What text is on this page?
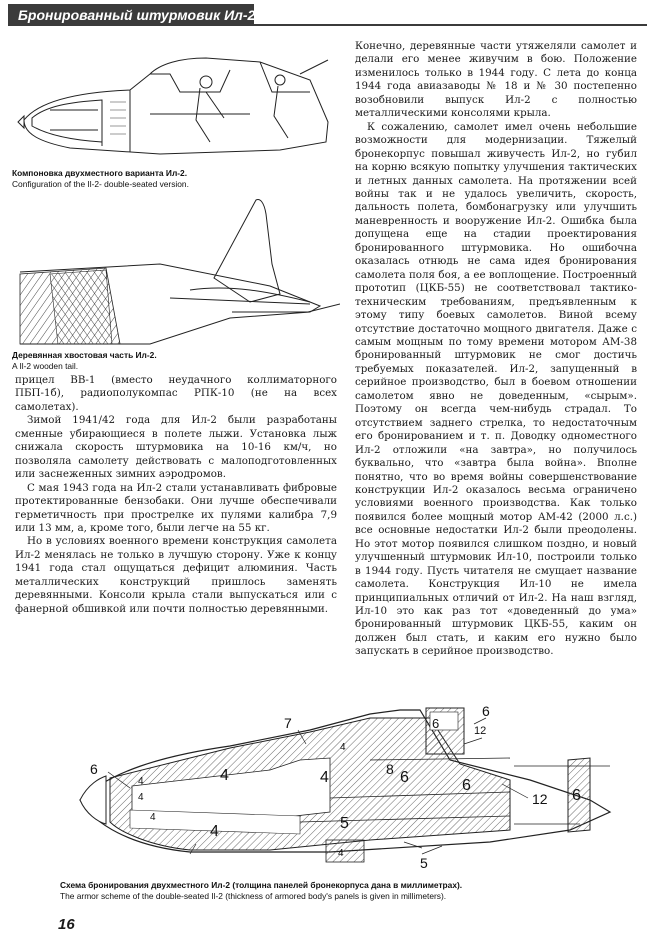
Бронированный штурмовик Ил-2
Компоновка двухместного варианта Ил-2.
Configuration of the Il-2- double-seated version.
Деревянная хвостовая часть Ил-2.
A Il-2 wooden tail.

прицел ВВ-1 (вместо неудачного коллиматорного ПБП-1б), радиополукомпас РПК-10 (не на всех самолетах).

Зимой 1941/42 года для Ил-2 были разработаны сменные убирающиеся в полете лыжи. Установка лыж снижала скорость штурмовика на 10-16 км/ч, но позволяла самолету действовать с малоподготовленных или заснеженных зимних аэродромов.

С мая 1943 года на Ил-2 стали устанавливать фибровые протектированные бензобаки. Они лучше обеспечивали герметичность при прострелке их пулями калибра 7,9 или 13 мм, а, кроме того, были легче на 55 кг.

Но в условиях военного времени конструкция самолета Ил-2 менялась не только в лучшую сторону. Уже к концу 1941 года стал ощущаться дефицит алюминия. Часть металлических конструкций пришлось заменять деревянными. Консоли крыла стали выпускаться или с фанерной обшивкой или почти полностью деревянными.

Конечно, деревянные части утяжеляли самолет и делали его менее живучим в бою. Положение изменилось только в 1944 году. С лета до конца 1944 года авиазаводы № 18 и № 30 постепенно возобновили выпуск Ил-2 с полностью металлическими консолями крыла.

К сожалению, самолет имел очень небольшие возможности для модернизации. Тяжелый бронекорпус повышал живучесть Ил-2, но губил на корню всякую попытку улучшения тактических и летных данных самолета. На протяжении всей войны так и не удалось увеличить, скорость, дальность полета, бомбонагрузку или улучшить маневренность и вооружение Ил-2. Ошибка была допущена еще на стадии проектирования бронированного штурмовика. Но ошибочна оказалась отнюдь не сама идея бронирования самолета поля боя, а ее воплощение. Построенный прототип (ЦКБ-55) не соответствовал тактико-техническим требованиям, предъявленным к этому типу боевых самолетов. Виной всему отсутствие достаточно мощного двигателя. Даже с самым мощным по тому времени мотором АМ-38 бронированный штурмовик не смог достичь требуемых показателей. Ил-2, запущенный в серийное производство, был в боевом отношении самолетом явно не доведенным, «сырым». Поэтому он всегда чем-нибудь страдал. То отсутствием заднего стрелка, то недостаточным его бронированием и т. п. Доводку одноместного Ил-2 отложили «на завтра», но получилось буквально, что «завтра была война». Вполне понятно, что во время войны совершенствование конструкции Ил-2 оказалось весьма ограничено условиями военного производства. Как только появился более мощный мотор АМ-42 (2000 л.с.) все основные недостатки Ил-2 были преодолены. Но этот мотор появился слишком поздно, и новый улучшенный штурмовик Ил-10, построили только в 1944 году. Пусть читателя не смущает название самолета. Конструкция Ил-10 не имела принципиальных отличий от Ил-2. На наш взгляд, Ил-10 это как раз тот «доведенный до ума» бронированный штурмовик ЦКБ-55, каким он должен был стать, и каким его нужно было запускать в серийное производство.

6
4
4
4
4
4
7
4
4
5
4
8 6
6	12
6
6
12 6
5
Схема бронирования двухместного Ил-2 (толщина панелей бронекорпуса дана в миллиметрах).
The armor scheme of the double-seated Il-2 (thickness of armored body's panels is given in millimeters).
16
